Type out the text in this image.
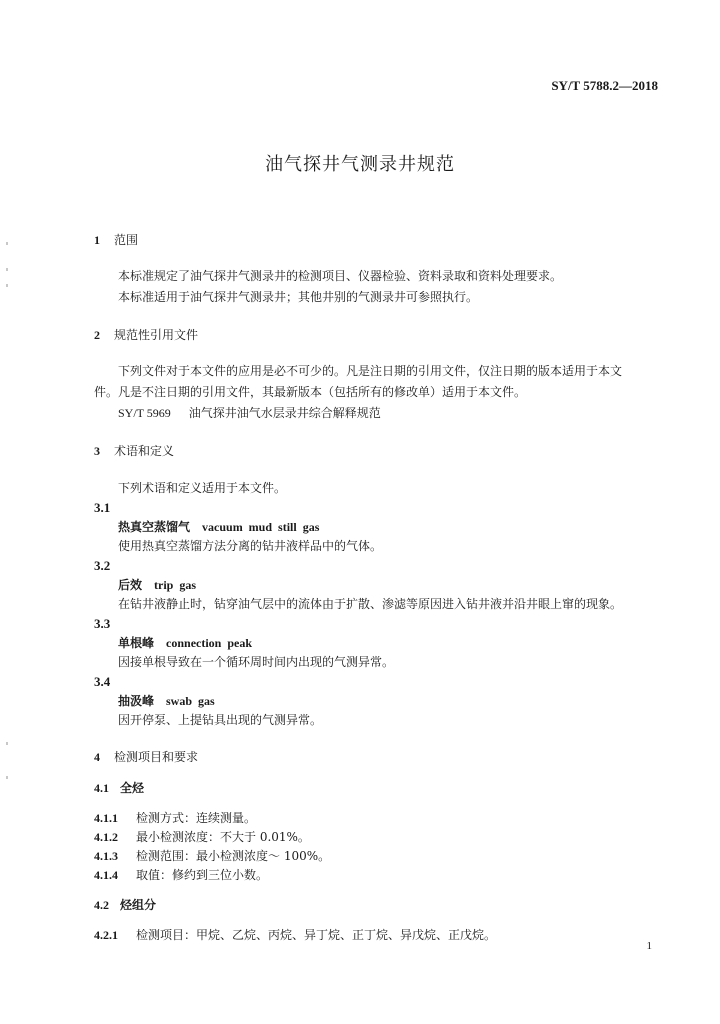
SY/T 5788.2—2018
油气探井气测录井规范
1 范围
本标准规定了油气探井气测录井的检测项目、仪器检验、资料录取和资料处理要求。
本标准适用于油气探井气测录井；其他井别的气测录井可参照执行。
2 规范性引用文件
下列文件对于本文件的应用是必不可少的。凡是注日期的引用文件，仅注日期的版本适用于本文
件。凡是不注日期的引用文件，其最新版本（包括所有的修改单）适用于本文件。
SY/T 5969 油气探井油气水层录井综合解释规范
3 术语和定义
下列术语和定义适用于本文件。
3.1
热真空蒸馏气 vacuum mud still gas
使用热真空蒸馏方法分离的钻井液样品中的气体。
3.2
后效 trip gas
在钻井液静止时，钻穿油气层中的流体由于扩散、渗滤等原因进入钻井液并沿井眼上窜的现象。
3.3
单根峰 connection peak
因接单根导致在一个循环周时间内出现的气测异常。
3.4
抽汲峰 swab gas
因开停泵、上提钻具出现的气测异常。
4 检测项目和要求
4.1 全烃
4.1.1 检测方式：连续测量。
4.1.2 最小检测浓度：不大于 0.01%。
4.1.3 检测范围：最小检测浓度～ 100%。
4.1.4 取值：修约到三位小数。
4.2 烃组分
4.2.1 检测项目：甲烷、乙烷、丙烷、异丁烷、正丁烷、异戊烷、正戊烷。
1
